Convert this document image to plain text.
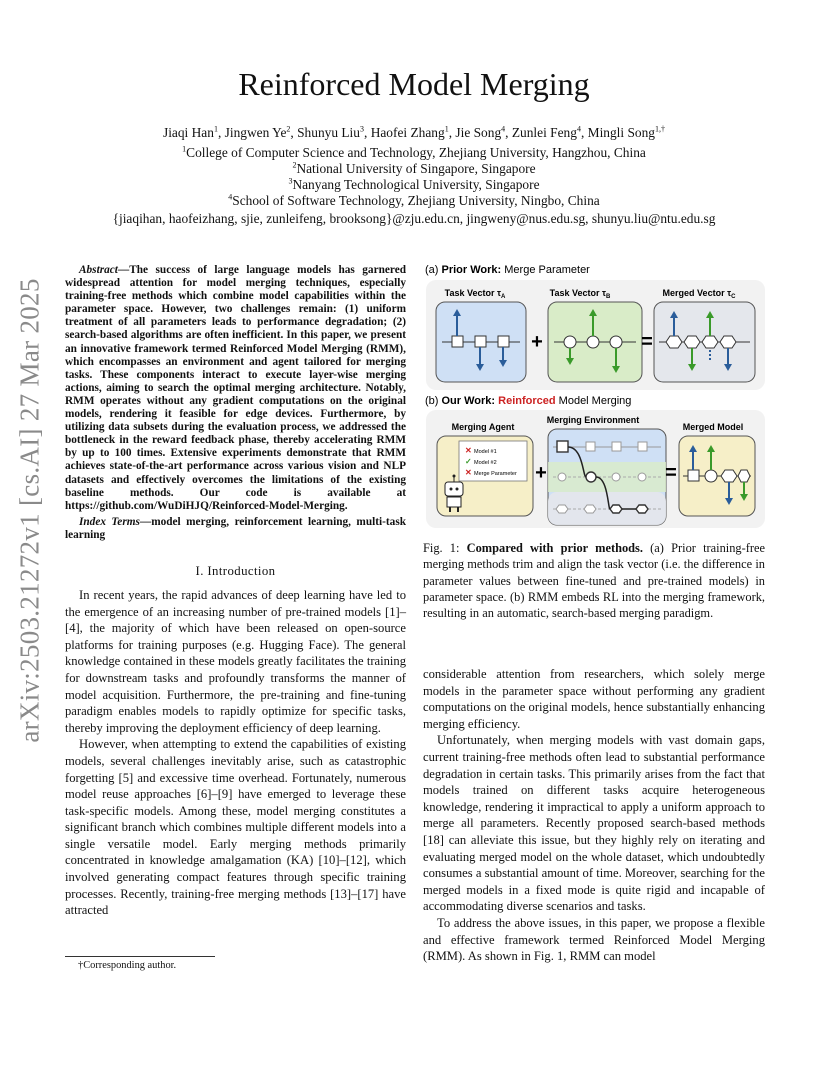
arXiv:2503.21272v1 [cs.AI] 27 Mar 2025
Reinforced Model Merging
Jiaqi Han$^1$, Jingwen Ye$^2$, Shunyu Liu$^3$, Haofei Zhang$^1$, Jie Song$^4$, Zunlei Feng$^4$, Mingli Song$^{1,\dagger}$
$^1$College of Computer Science and Technology, Zhejiang University, Hangzhou, China
$^2$National University of Singapore, Singapore
$^3$Nanyang Technological University, Singapore
$^4$School of Software Technology, Zhejiang University, Ningbo, China
{jiaqihan, haofeizhang, sjie, zunleifeng, brooksong}@zju.edu.cn, jingweny@nus.edu.sg, shunyu.liu@ntu.edu.sg

Abstract—The success of large language models has garnered widespread attention for model merging techniques, especially training-free methods which combine model capabilities within the parameter space. However, two challenges remain: (1) uniform treatment of all parameters leads to performance degradation; (2) search-based algorithms are often inefficient. In this paper, we present an innovative framework termed Reinforced Model Merging (RMM), which encompasses an environment and agent tailored for merging tasks. These components interact to execute layer-wise merging actions, aiming to search the optimal merging architecture. Notably, RMM operates without any gradient computations on the original models, rendering it feasible for edge devices. Furthermore, by utilizing data subsets during the evaluation process, we addressed the bottleneck in the reward feedback phase, thereby accelerating RMM by up to 100 times. Extensive experiments demonstrate that RMM achieves state-of-the-art performance across various vision and NLP datasets and effectively overcomes the limitations of the existing baseline methods. Our code is available at https://github.com/WuDiHJQ/Reinforced-Model-Merging.

Index Terms—model merging, reinforcement learning, multi-task learning

I. Introduction

In recent years, the rapid advances of deep learning have led to the emergence of an increasing number of pre-trained models [1]–[4], the majority of which have been released on open-source platforms for training purposes (e.g. Hugging Face). The general knowledge contained in these models greatly facilitates the training for downstream tasks and profoundly transforms the manner of model acquisition. Furthermore, the pre-training and fine-tuning paradigm enables models to rapidly optimize for specific tasks, thereby improving the deployment efficiency of deep learning.

However, when attempting to extend the capabilities of existing models, several challenges inevitably arise, such as catastrophic forgetting [5] and excessive time overhead. Fortunately, numerous model reuse approaches [6]–[9] have emerged to leverage these task-specific models. Among these, model merging constitutes a significant branch which combines multiple different models into a single versatile model. Early merging methods primarily concentrated in knowledge amalgamation (KA) [10]–[12], which involved generating compact features through specific training processes. Recently, training-free merging methods [13]–[17] have attracted

†Corresponding author.
(a) Prior Work: Merge Parameter
Task Vector $\tau_A$	Task Vector $\tau_B$	Merged Vector $\tau_C$
+	=
(b) Our Work: Reinforced Model Merging
Merging Agent
Merging Environment
Merged Model
✕ Model #1
✓ Model #2
✕ Merge Parameter +	=
Fig. 1: Compared with prior methods. (a) Prior training-free merging methods trim and align the task vector (i.e. the difference in parameter values between fine-tuned and pre-trained models) in parameter space. (b) RMM embeds RL into the merging framework, resulting in an automatic, search-based merging paradigm.

considerable attention from researchers, which solely merge models in the parameter space without performing any gradient computations on the original models, hence substantially enhancing merging efficiency.

Unfortunately, when merging models with vast domain gaps, current training-free methods often lead to substantial performance degradation in certain tasks. This primarily arises from the fact that models trained on different tasks acquire heterogeneous knowledge, rendering it impractical to apply a uniform approach to merge all parameters. Recently proposed search-based methods [18] can alleviate this issue, but they highly rely on iterating and evaluating merged model on the whole dataset, which undoubtedly consumes a substantial amount of time. Moreover, searching for the merged models in a fixed mode is quite rigid and incapable of accommodating diverse scenarios and tasks.

To address the above issues, in this paper, we propose a flexible and effective framework termed Reinforced Model Merging (RMM). As shown in Fig. 1, RMM can model
